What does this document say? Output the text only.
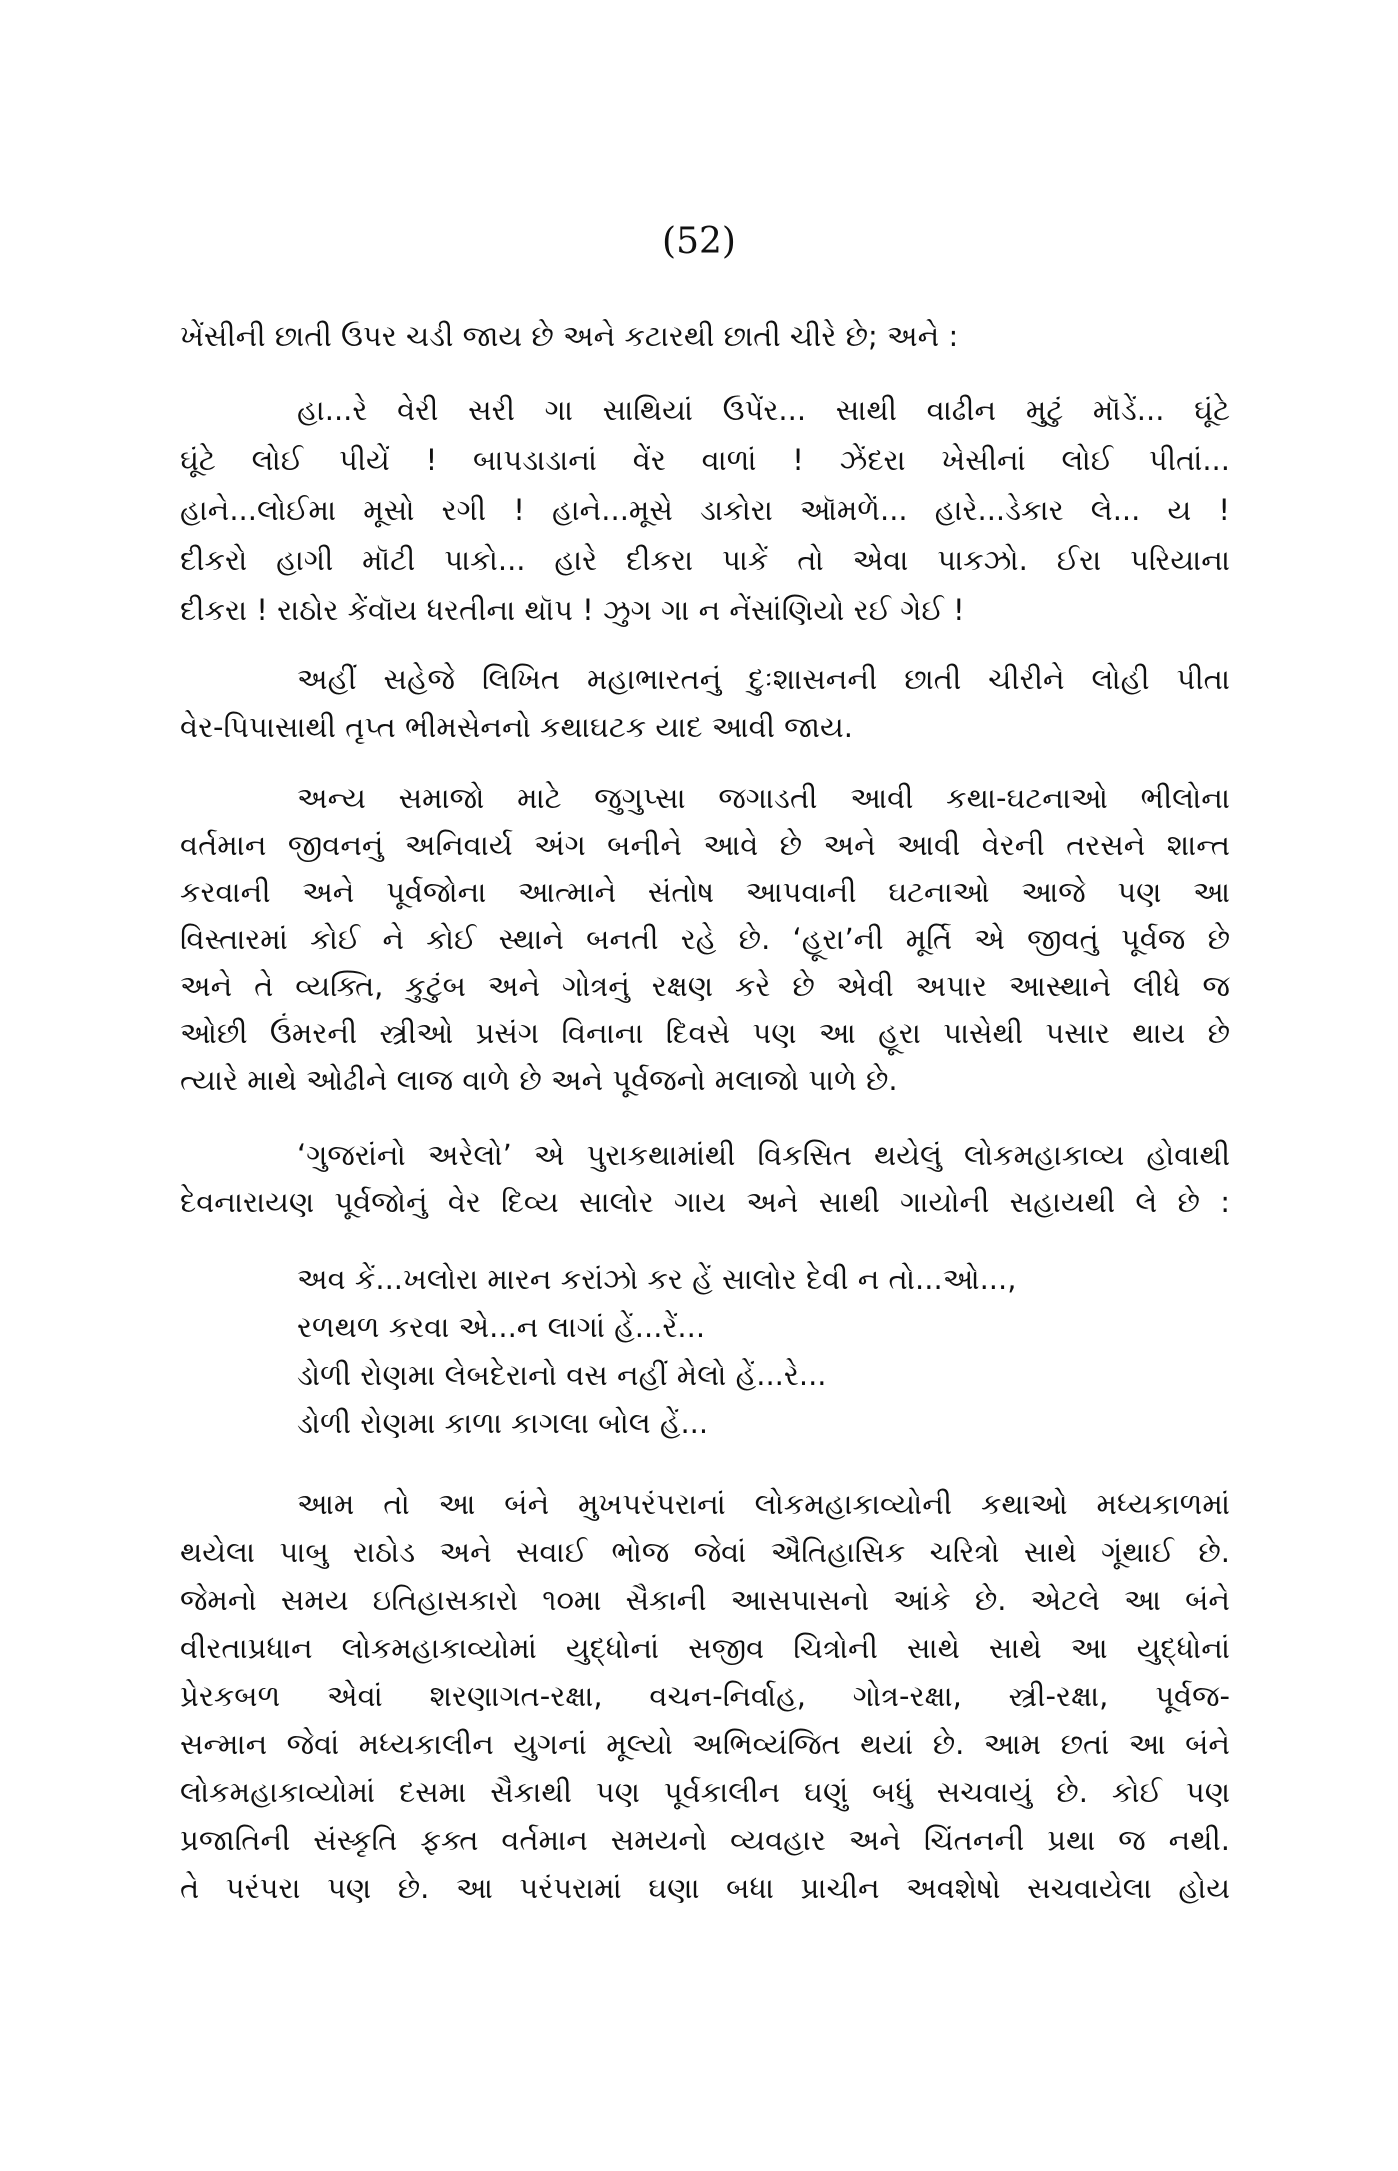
(52)
ખેંસીની છાતી ઉપર ચડી જાય છે અને કટારથી છાતી ચીરે છે; અને :
હા...રે વેરી સરી ગા સાથિયાં ઉપેંર... સાથી વાઢીન મુટું મૉડેં... ઘૂંટે
ઘૂંટે લોઈ પીયેં ! બાપડાડાનાં વેંર વાળાં ! ઝેંદરા ખેસીનાં લોઈ પીતાં...
હાને...લોઈમા મૂસો રગી ! હાને...મૂસે ડાકોરા ઑમળેં... હારે...ડેકાર લે... ય !
દીકરો હાગી મૉટી પાકો... હારે દીકરા પાકેં તો એવા પાકઝો. ઈરા પરિયાના
દીકરા ! રાઠોર કેંવૉય ધરતીના થૉપ ! ઝુગ ગા ન નેંસાંણિયો રઈ ગેઈ !
અહીં સહેજે લિખિત મહાભારતનું દુઃશાસનની છાતી ચીરીને લોહી પીતા
વેર-પિપાસાથી તૃપ્ત ભીમસેનનો કથાઘટક યાદ આવી જાય.
અન્ય સમાજો માટે જુગુપ્સા જગાડતી આવી કથા-ઘટનાઓ ભીલોના
વર્તમાન જીવનનું અનિવાર્ય અંગ બનીને આવે છે અને આવી વેરની તરસને શાન્ત
કરવાની અને પૂર્વજોના આત્માને સંતોષ આપવાની ઘટનાઓ આજે પણ આ
વિસ્તારમાં કોઈ ને કોઈ સ્થાને બનતી રહે છે. ‘હૂરા’ની મૂર્તિ એ જીવતું પૂર્વજ છે
અને તે વ્યક્તિ, કુટુંબ અને ગોત્રનું રક્ષણ કરે છે એવી અપાર આસ્થાને લીધે જ
ઓછી ઉંમરની સ્ત્રીઓ પ્રસંગ વિનાના દિવસે પણ આ હૂરા પાસેથી પસાર થાય છે
ત્યારે માથે ઓઢીને લાજ વાળે છે અને પૂર્વજનો મલાજો પાળે છે.
‘ગુજરાંનો અરેલો’ એ પુરાકથામાંથી વિકસિત થયેલું લોકમહાકાવ્ય હોવાથી
દેવનારાયણ પૂર્વજોનું વેર દિવ્ય સાલોર ગાય અને સાથી ગાયોની સહાયથી લે છે :
અવ કેં...ખલોરા મારન કરાંઝો કર હેં સાલોર દેવી ન તો...ઓ...,
રળથળ કરવા એ...ન લાગાં હેં...રેં...
ડોળી રોણમા લેબદેરાનો વસ નહીં મેલો હેં...રે...
ડોળી રોણમા કાળા કાગલા બોલ હેં...
આમ તો આ બંને મુખપરંપરાનાં લોકમહાકાવ્યોની કથાઓ મધ્યકાળમાં
થયેલા પાબુ રાઠોડ અને સવાઈ ભોજ જેવાં ઐતિહાસિક ચરિત્રો સાથે ગૂંથાઈ છે.
જેમનો સમય ઇતિહાસકારો ૧૦મા સૈકાની આસપાસનો આંકે છે. એટલે આ બંને
વીરતાપ્રધાન લોકમહાકાવ્યોમાં યુદ્ધોનાં સજીવ ચિત્રોની સાથે સાથે આ યુદ્ધોનાં
પ્રેરકબળ એવાં શરણાગત-રક્ષા, વચન-નિર્વાહ, ગોત્ર-રક્ષા, સ્ત્રી-રક્ષા, પૂર્વજ-
સન્માન જેવાં મધ્યકાલીન યુગનાં મૂલ્યો અભિવ્યંજિત થયાં છે. આમ છતાં આ બંને
લોકમહાકાવ્યોમાં દસમા સૈકાથી પણ પૂર્વકાલીન ઘણું બધું સચવાયું છે. કોઈ પણ
પ્રજાતિની સંસ્કૃતિ ફક્ત વર્તમાન સમયનો વ્યવહાર અને ચિંતનની પ્રથા જ નથી.
તે પરંપરા પણ છે. આ પરંપરામાં ઘણા બધા પ્રાચીન અવશેષો સચવાયેલા હોય
